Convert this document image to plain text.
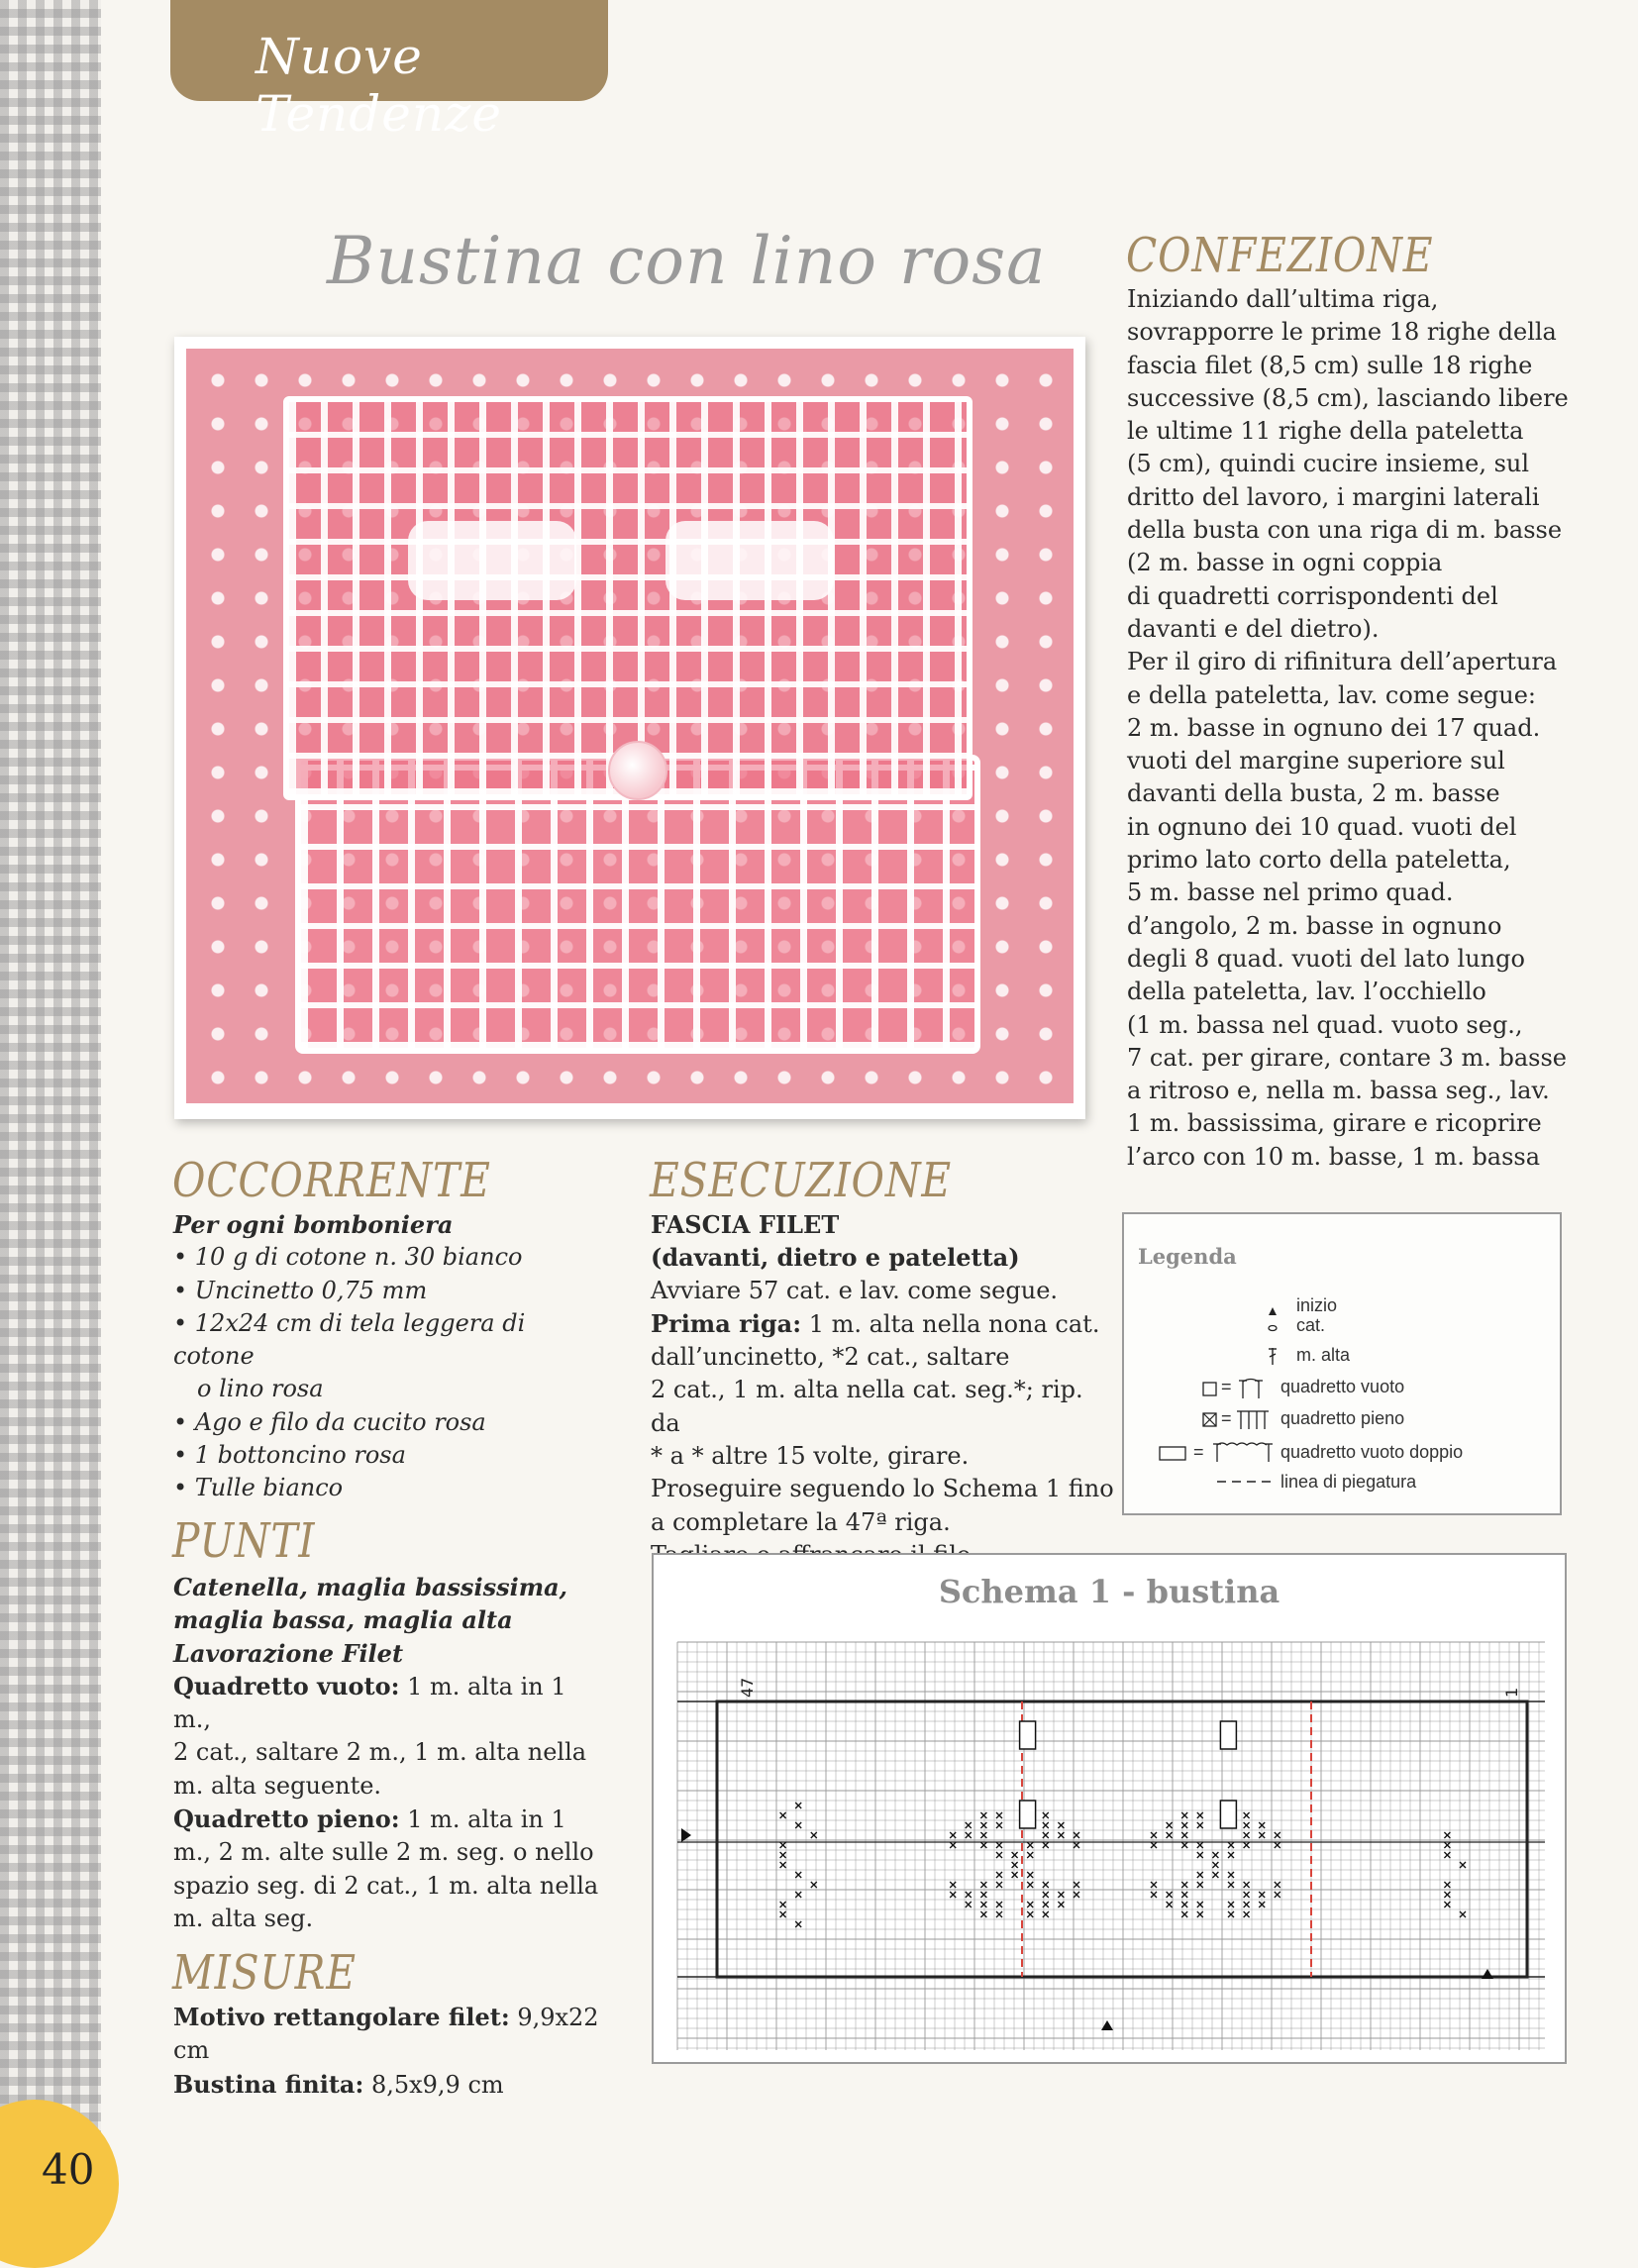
Nuove Tendenze
Bustina con lino rosa CONFEZIONE
Iniziando dall’ultima riga,
sovrapporre le prime 18 righe della
fascia filet (8,5 cm) sulle 18 righe
successive (8,5 cm), lasciando libere
le ultime 11 righe della pateletta
(5 cm), quindi cucire insieme, sul
dritto del lavoro, i margini laterali
della busta con una riga di m. basse
(2 m. basse in ogni coppia
di quadretti corrispondenti del
davanti e del dietro).
Per il giro di rifinitura dell’apertura
e della pateletta, lav. come segue:
2 m. basse in ognuno dei 17 quad.
vuoti del margine superiore sul
davanti della busta, 2 m. basse
in ognuno dei 10 quad. vuoti del
primo lato corto della pateletta,
5 m. basse nel primo quad.
d’angolo, 2 m. basse in ognuno
degli 8 quad. vuoti del lato lungo
della pateletta, lav. l’occhiello
(1 m. bassa nel quad. vuoto seg.,
7 cat. per girare, contare 3 m. basse
a ritroso e, nella m. bassa seg., lav.
1 m. bassissima, girare e ricoprire
l’arco con 10 m. basse, 1 m. bassa
OCCORRENTE
Per ogni bomboniera
• 10 g di cotone n. 30 bianco
• Uncinetto 0,75 mm
• 12x24 cm di tela leggera di cotone
o lino rosa
• Ago e filo da cucito rosa
• 1 bottoncino rosa
• Tulle bianco
PUNTI
Catenella, maglia bassissima,
maglia bassa, maglia alta
Lavorazione Filet
Quadretto vuoto: 1 m. alta in 1 m.,
2 cat., saltare 2 m., 1 m. alta nella
m. alta seguente.
Quadretto pieno: 1 m. alta in 1
m., 2 m. alte sulle 2 m. seg. o nello
spazio seg. di 2 cat., 1 m. alta nella
m. alta seg.
MISURE
Motivo rettangolare filet: 9,9x22 cm
Bustina finita: 8,5x9,9 cm
ESECUZIONE
FASCIA FILET
(davanti, dietro e pateletta)
Avviare 57 cat. e lav. come segue.
Prima riga: 1 m. alta nella nona cat.
dall’uncinetto, *2 cat., saltare
2 cat., 1 m. alta nella cat. seg.*; rip. da
* a * altre 15 volte, girare.
Proseguire seguendo lo Schema 1 fino
a completare la 47ª riga.
Legenda
inizio
cat.
m. alta
=	quadretto vuoto
=	quadretto pieno
=	quadretto vuoto doppio
linea di piegatura
Schema 1 - bustina
47	1
40
